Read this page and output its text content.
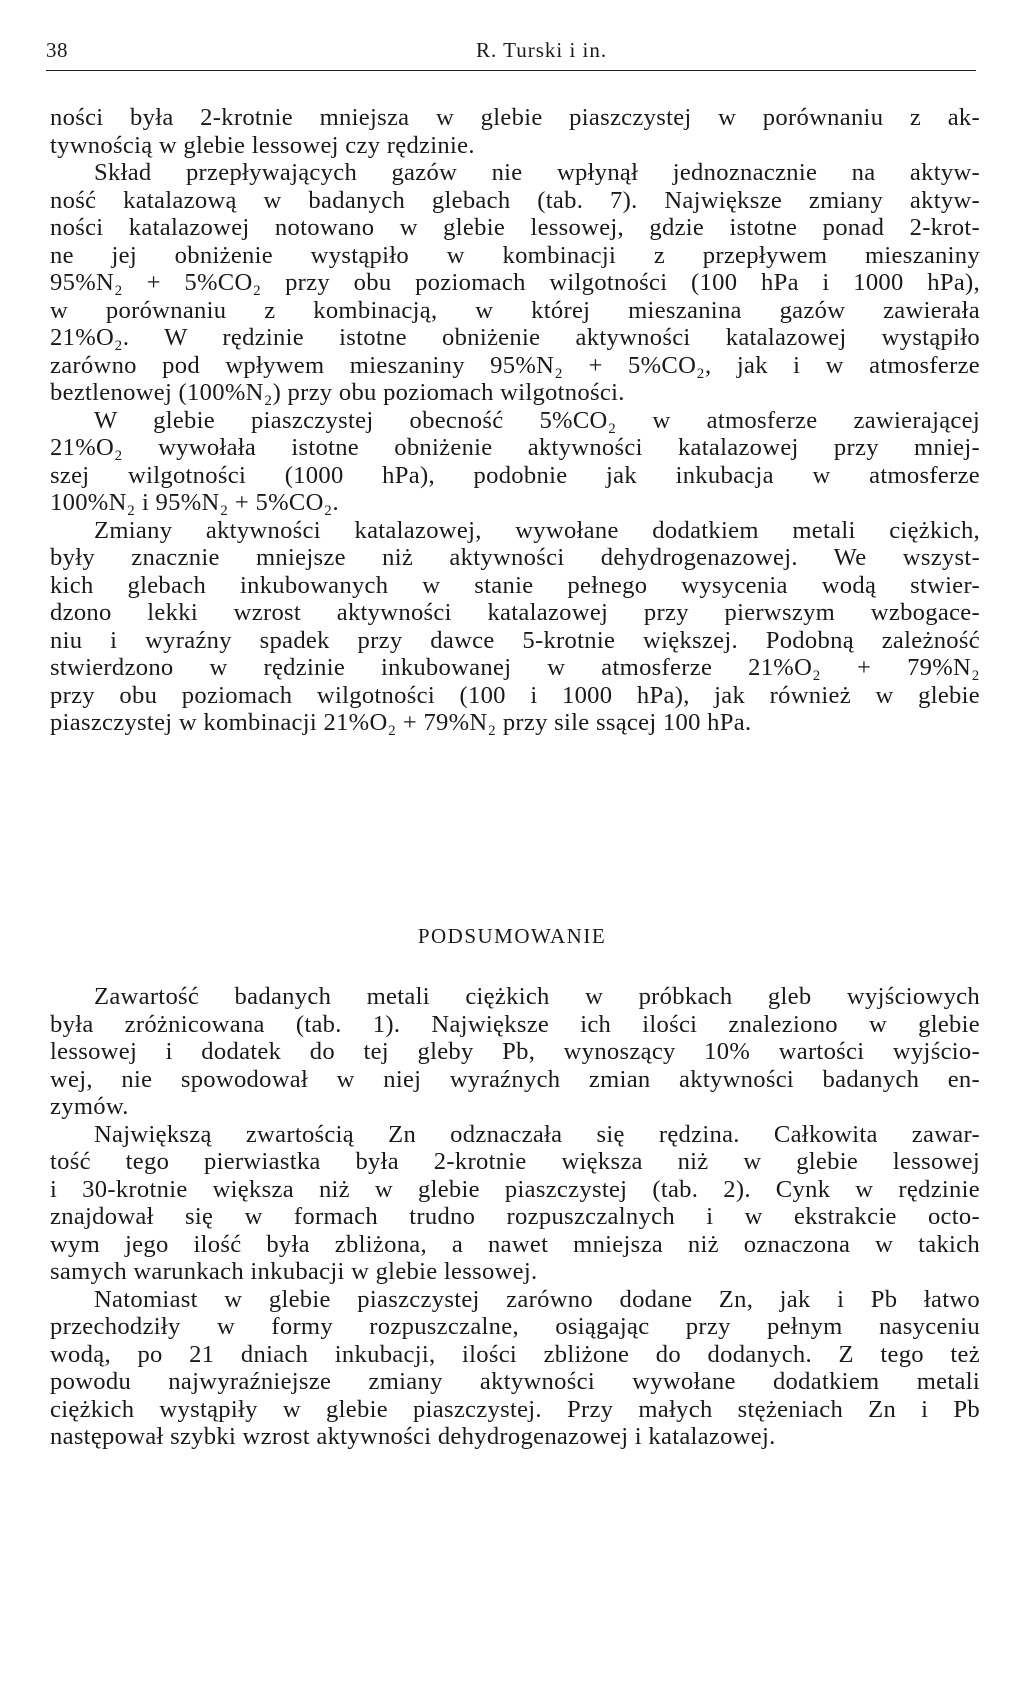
38	R. Turski i in.
ności była 2-krotnie mniejsza w glebie piaszczystej w porównaniu z ak-
tywnością w glebie lessowej czy rędzinie.
Skład przepływających gazów nie wpłynął jednoznacznie na aktyw-
ność katalazową w badanych glebach (tab. 7). Największe zmiany aktyw-
ności katalazowej notowano w glebie lessowej, gdzie istotne ponad 2-krot-
ne jej obniżenie wystąpiło w kombinacji z przepływem mieszaniny
95%N₂ + 5%CO₂ przy obu poziomach wilgotności (100 hPa i 1000 hPa),
w porównaniu z kombinacją, w której mieszanina gazów zawierała
21%O₂. W rędzinie istotne obniżenie aktywności katalazowej wystąpiło
zarówno pod wpływem mieszaniny 95%N₂ + 5%CO₂, jak i w atmosferze
beztlenowej (100%N₂) przy obu poziomach wilgotności.
W glebie piaszczystej obecność 5%CO₂ w atmosferze zawierającej
21%O₂ wywołała istotne obniżenie aktywności katalazowej przy mniej-
szej wilgotności (1000 hPa), podobnie jak inkubacja w atmosferze
100%N₂ i 95%N₂ + 5%CO₂.
Zmiany aktywności katalazowej, wywołane dodatkiem metali ciężkich,
były znacznie mniejsze niż aktywności dehydrogenazowej. We wszyst-
kich glebach inkubowanych w stanie pełnego wysycenia wodą stwier-
dzono lekki wzrost aktywności katalazowej przy pierwszym wzbogace-
niu i wyraźny spadek przy dawce 5-krotnie większej. Podobną zależność
stwierdzono w rędzinie inkubowanej w atmosferze 21%O₂ + 79%N₂
przy obu poziomach wilgotności (100 i 1000 hPa), jak również w glebie
piaszczystej w kombinacji 21%O₂ + 79%N₂ przy sile ssącej 100 hPa.
PODSUMOWANIE
Zawartość badanych metali ciężkich w próbkach gleb wyjściowych
była zróżnicowana (tab. 1). Największe ich ilości znaleziono w glebie
lessowej i dodatek do tej gleby Pb, wynoszący 10% wartości wyjścio-
wej, nie spowodował w niej wyraźnych zmian aktywności badanych en-
zymów.
Największą zwartością Zn odznaczała się rędzina. Całkowita zawar-
tość tego pierwiastka była 2-krotnie większa niż w glebie lessowej
i 30-krotnie większa niż w glebie piaszczystej (tab. 2). Cynk w rędzinie
znajdował się w formach trudno rozpuszczalnych i w ekstrakcie octo-
wym jego ilość była zbliżona, a nawet mniejsza niż oznaczona w takich
samych warunkach inkubacji w glebie lessowej.
Natomiast w glebie piaszczystej zarówno dodane Zn, jak i Pb łatwo
przechodziły w formy rozpuszczalne, osiągając przy pełnym nasyceniu
wodą, po 21 dniach inkubacji, ilości zbliżone do dodanych. Z tego też
powodu najwyraźniejsze zmiany aktywności wywołane dodatkiem metali
ciężkich wystąpiły w glebie piaszczystej. Przy małych stężeniach Zn i Pb
następował szybki wzrost aktywności dehydrogenazowej i katalazowej.
